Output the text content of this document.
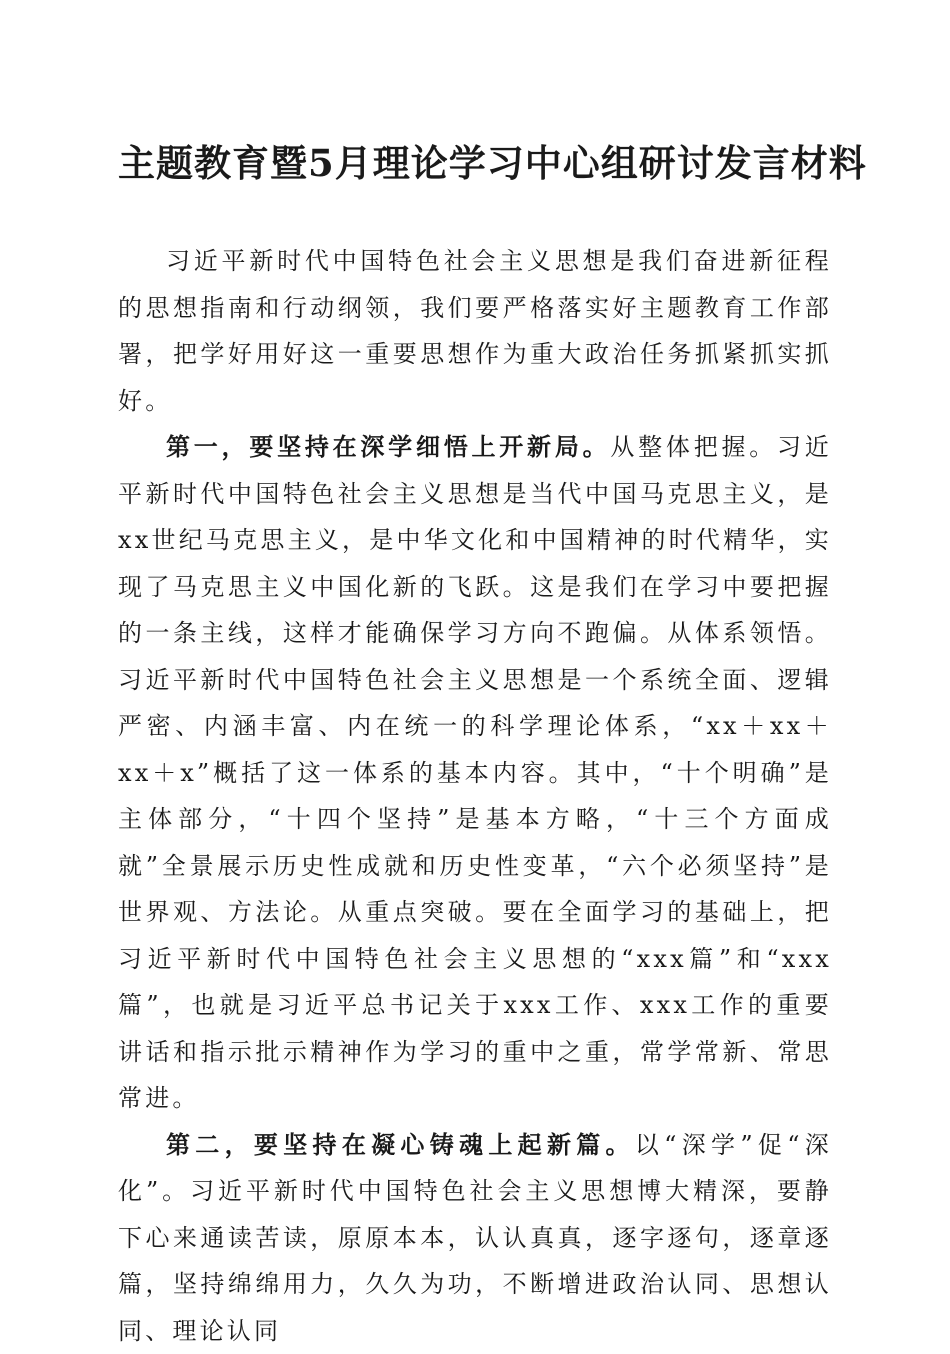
主题教育暨5月理论学习中心组研讨发言材料

习近平新时代中国特色社会主义思想是我们奋进新征程的思想指南和行动纲领，我们要严格落实好主题教育工作部署，把学好用好这一重要思想作为重大政治任务抓紧抓实抓好。

第一，要坚持在深学细悟上开新局。从整体把握。习近平新时代中国特色社会主义思想是当代中国马克思主义，是xx世纪马克思主义，是中华文化和中国精神的时代精华，实现了马克思主义中国化新的飞跃。这是我们在学习中要把握的一条主线，这样才能确保学习方向不跑偏。从体系领悟。习近平新时代中国特色社会主义思想是一个系统全面、逻辑严密、内涵丰富、内在统一的科学理论体系，“xx＋xx＋xx＋x”概括了这一体系的基本内容。其中，“十个明确”是主体部分，“十四个坚持”是基本方略，“十三个方面成就”全景展示历史性成就和历史性变革，“六个必须坚持”是世界观、方法论。从重点突破。要在全面学习的基础上，把习近平新时代中国特色社会主义思想的“xxx篇”和“xxx篇”，也就是习近平总书记关于xxx工作、xxx工作的重要讲话和指示批示精神作为学习的重中之重，常学常新、常思常进。

第二，要坚持在凝心铸魂上起新篇。以“深学”促“深化”。习近平新时代中国特色社会主义思想博大精深，要静下心来通读苦读，原原本本，认认真真，逐字逐句，逐章逐篇，坚持绵绵用力，久久为功，不断增进政治认同、思想认同、理论认同
